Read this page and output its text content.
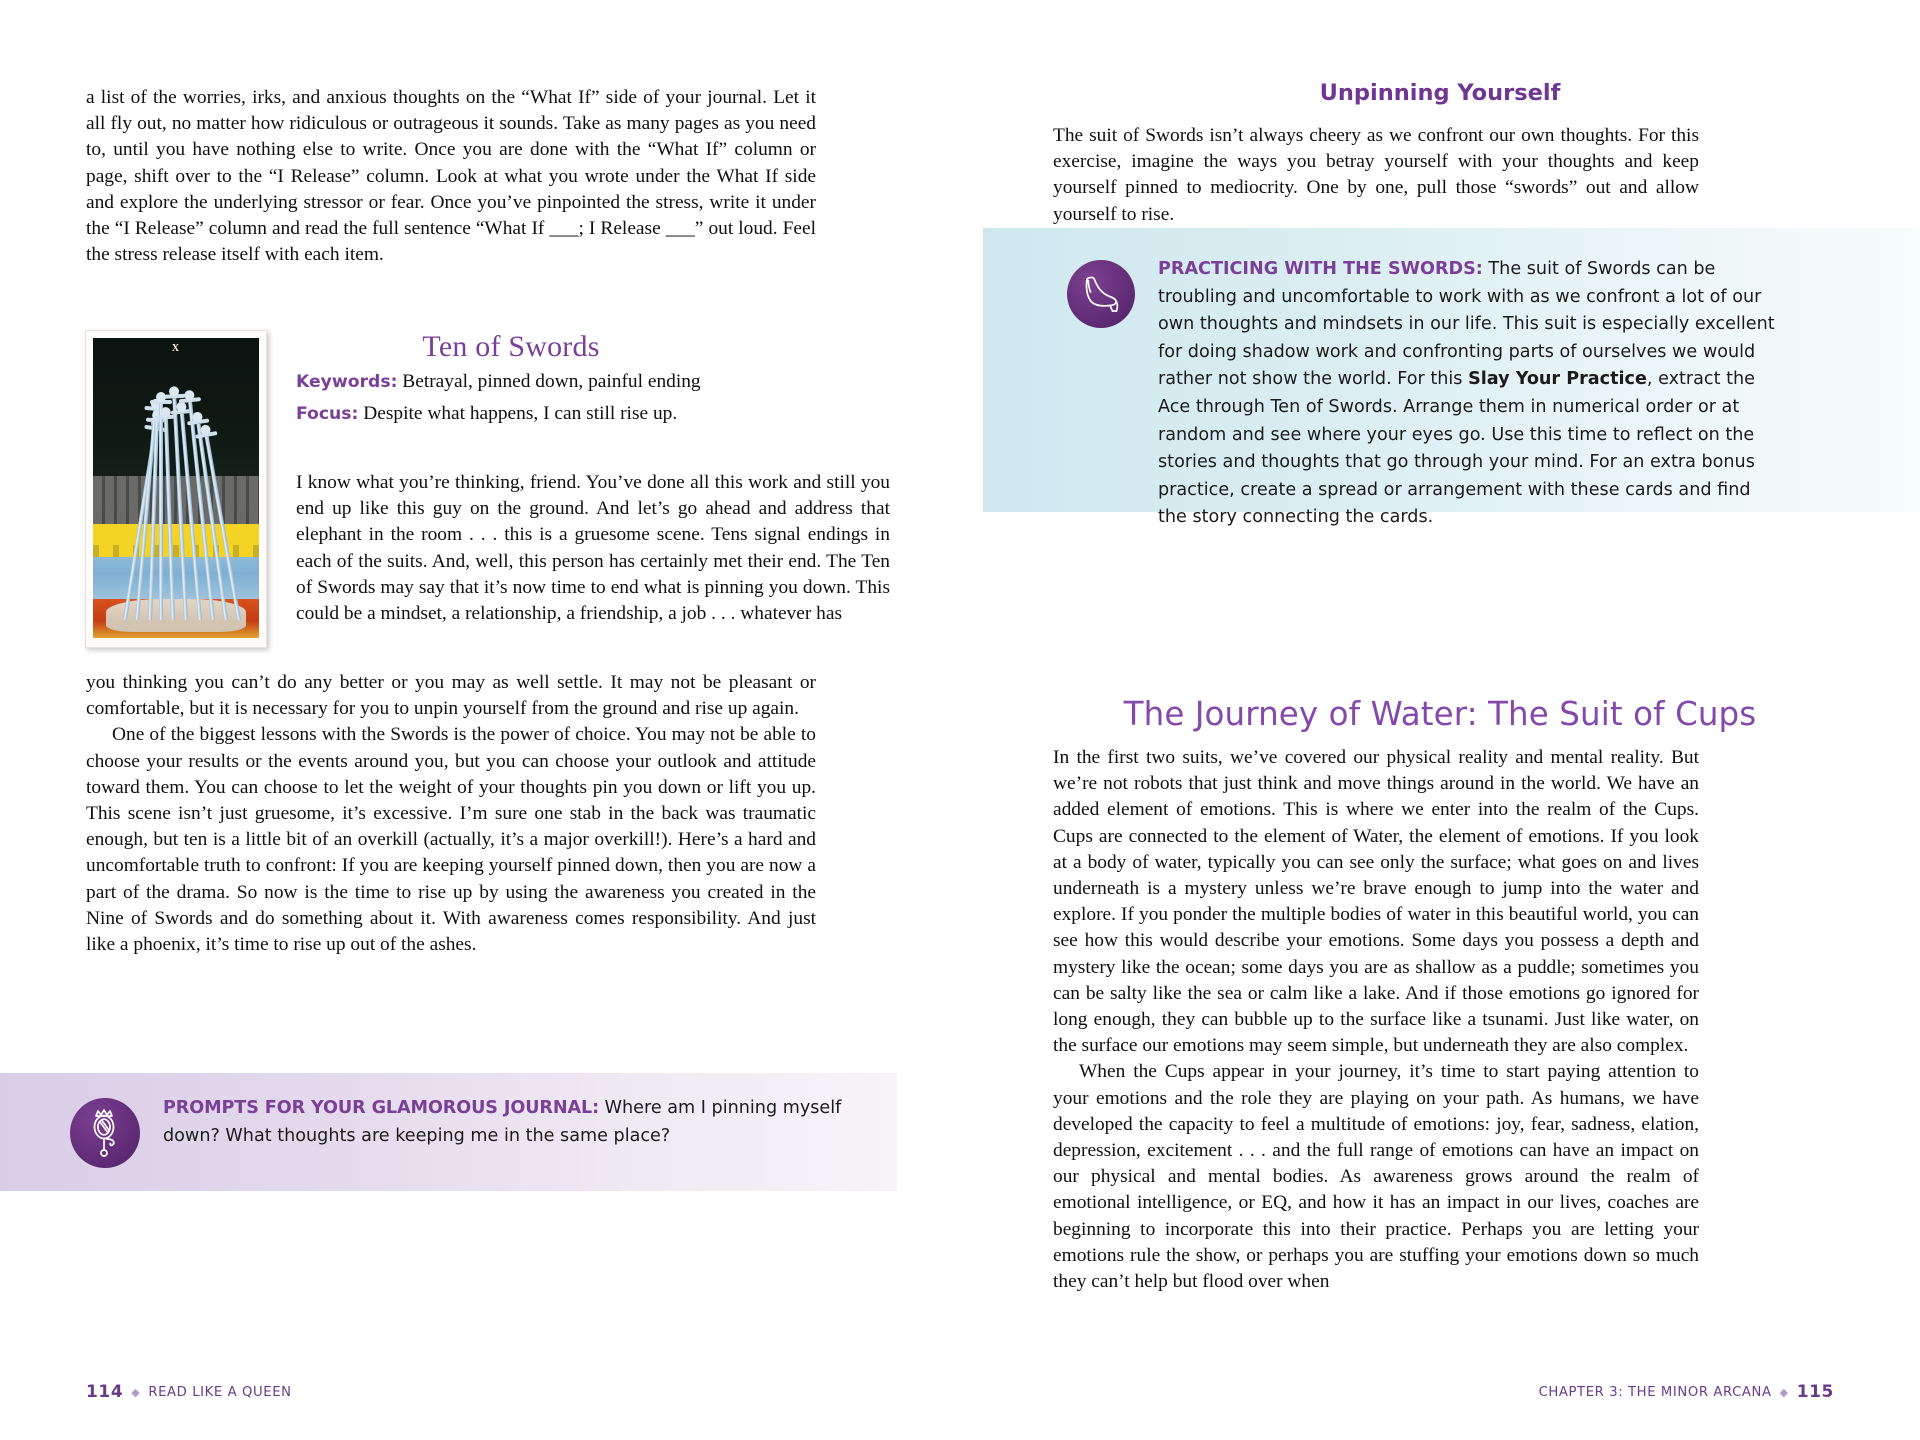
a list of the worries, irks, and anxious thoughts on the “What If” side of your journal. Let it all fly out, no matter how ridiculous or outrageous it sounds. Take as many pages as you need to, until you have nothing else to write. Once you are done with the “What If” column or page, shift over to the “I Release” column. Look at what you wrote under the What If side and explore the underlying stressor or fear. Once you’ve pinpointed the stress, write it under the “I Release” column and read the full sentence “What If ___; I Release ___” out loud. Feel the stress release itself with each item.

X	Ten of Swords
Keywords: Betrayal, pinned down, painful ending
Focus: Despite what happens, I can still rise up.

I know what you’re thinking, friend. You’ve done all this work and still you end up like this guy on the ground. And let’s go ahead and address that elephant in the room . . . this is a gruesome scene. Tens signal endings in each of the suits. And, well, this person has certainly met their end. The Ten of Swords may say that it’s now time to end what is pinning you down. This could be a mindset, a relationship, a friendship, a job . . . whatever has

you thinking you can’t do any better or you may as well settle. It may not be pleasant or comfortable, but it is necessary for you to unpin yourself from the ground and rise up again.

One of the biggest lessons with the Swords is the power of choice. You may not be able to choose your results or the events around you, but you can choose your outlook and attitude toward them. You can choose to let the weight of your thoughts pin you down or lift you up. This scene isn’t just gruesome, it’s excessive. I’m sure one stab in the back was traumatic enough, but ten is a little bit of an overkill (actually, it’s a major overkill!). Here’s a hard and uncomfortable truth to confront: If you are keeping yourself pinned down, then you are now a part of the drama. So now is the time to rise up by using the awareness you created in the Nine of Swords and do something about it. With awareness comes responsibility. And just like a phoenix, it’s time to rise up out of the ashes.

PROMPTS FOR YOUR GLAMOROUS JOURNAL: Where am I pinning myself down? What thoughts are keeping me in the same place?
114 ◆ READ LIKE A QUEEN
Unpinning Yourself

The suit of Swords isn’t always cheery as we confront our own thoughts. For this exercise, imagine the ways you betray yourself with your thoughts and keep yourself pinned to mediocrity. One by one, pull those “swords” out and allow yourself to rise.

PRACTICING WITH THE SWORDS: The suit of Swords can be troubling and uncomfortable to work with as we confront a lot of our own thoughts and mindsets in our life. This suit is especially excellent for doing shadow work and confronting parts of ourselves we would rather not show the world. For this Slay Your Practice, extract the Ace through Ten of Swords. Arrange them in numerical order or at random and see where your eyes go. Use this time to reflect on the stories and thoughts that go through your mind. For an extra bonus practice, create a spread or arrangement with these cards and find the story connecting the cards.
The Journey of Water: The Suit of Cups

In the first two suits, we’ve covered our physical reality and mental reality. But we’re not robots that just think and move things around in the world. We have an added element of emotions. This is where we enter into the realm of the Cups. Cups are connected to the element of Water, the element of emotions. If you look at a body of water, typically you can see only the surface; what goes on and lives underneath is a mystery unless we’re brave enough to jump into the water and explore. If you ponder the multiple bodies of water in this beautiful world, you can see how this would describe your emotions. Some days you possess a depth and mystery like the ocean; some days you are as shallow as a puddle; sometimes you can be salty like the sea or calm like a lake. And if those emotions go ignored for long enough, they can bubble up to the surface like a tsunami. Just like water, on the surface our emotions may seem simple, but underneath they are also complex.

When the Cups appear in your journey, it’s time to start paying attention to your emotions and the role they are playing on your path. As humans, we have developed the capacity to feel a multitude of emotions: joy, fear, sadness, elation, depression, excitement . . . and the full range of emotions can have an impact on our physical and mental bodies. As awareness grows around the realm of emotional intelligence, or EQ, and how it has an impact in our lives, coaches are beginning to incorporate this into their practice. Perhaps you are letting your emotions rule the show, or perhaps you are stuffing your emotions down so much they can’t help but flood over when

CHAPTER 3: THE MINOR ARCANA ◆ 115
